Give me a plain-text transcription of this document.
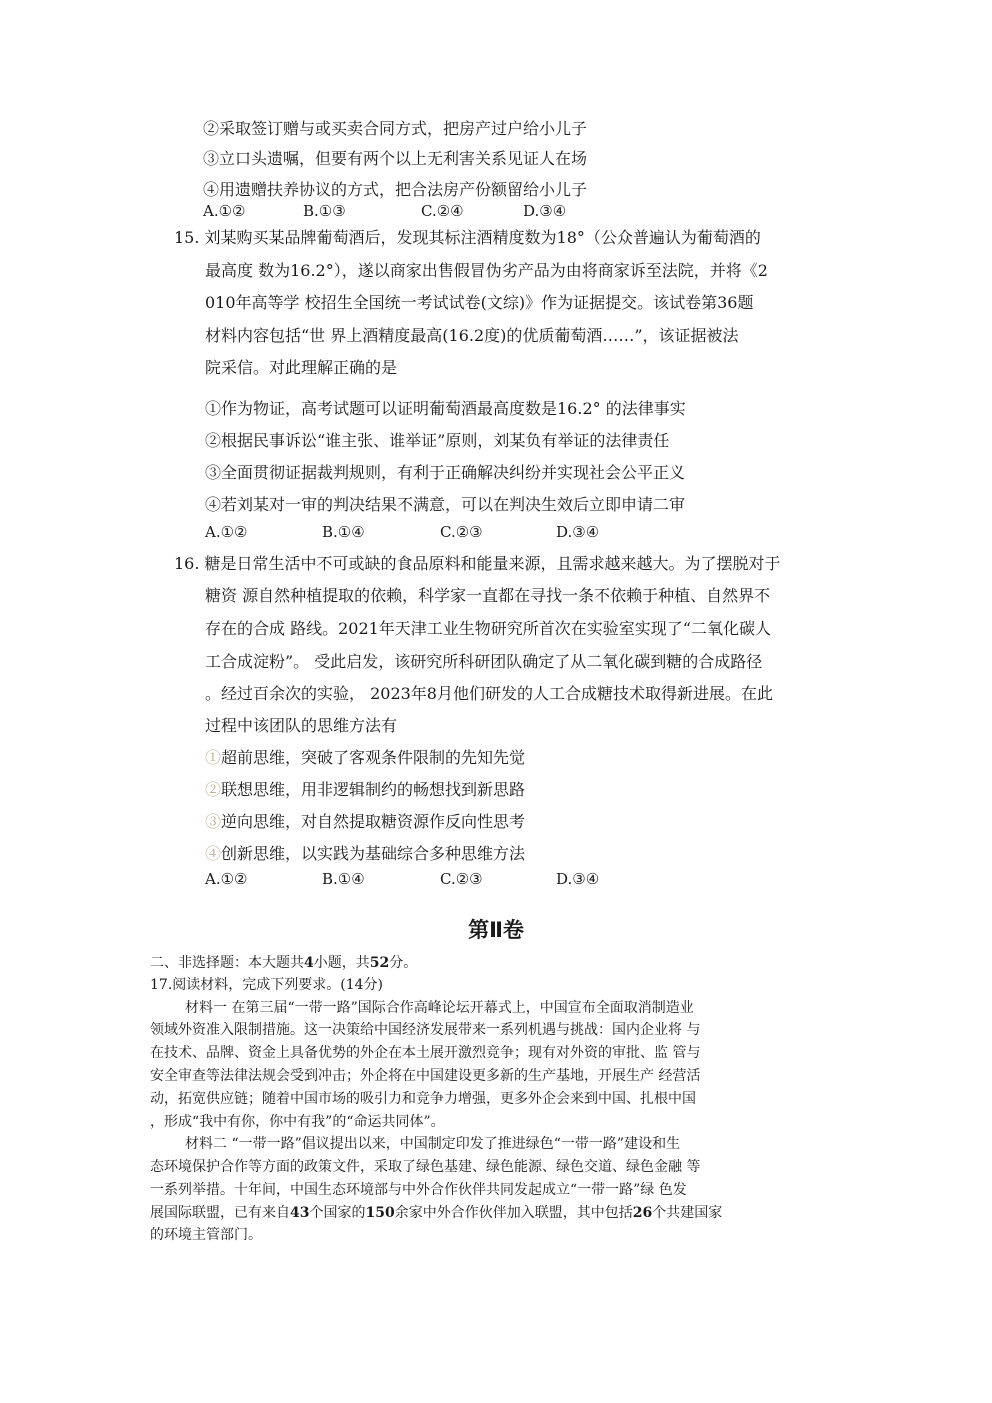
②采取签订赠与或买卖合同方式，把房产过户给小儿子
③立口头遗嘱，但要有两个以上无利害关系见证人在场
④用遗赠扶养协议的方式，把合法房产份额留给小儿子
A.①②	B.①③	C.②④	D.③④
15. 刘某购买某品牌葡萄酒后，发现其标注酒精度数为18°（公众普遍认为葡萄酒的
最高度 数为16.2°），遂以商家出售假冒伪劣产品为由将商家诉至法院，并将《2
010年高等学 校招生全国统一考试试卷(文综)》作为证据提交。该试卷第36题
材料内容包括“世 界上酒精度最高(16.2度)的优质葡萄酒……”，该证据被法
院采信。对此理解正确的是
①作为物证，高考试题可以证明葡萄酒最高度数是16.2° 的法律事实
②根据民事诉讼“谁主张、谁举证”原则，刘某负有举证的法律责任
③全面贯彻证据裁判规则，有利于正确解决纠纷并实现社会公平正义
④若刘某对一审的判决结果不满意，可以在判决生效后立即申请二审
A.①②	B.①④	C.②③	D.③④
16. 糖是日常生活中不可或缺的食品原料和能量来源，且需求越来越大。为了摆脱对于
糖资 源自然种植提取的依赖，科学家一直都在寻找一条不依赖于种植、自然界不
存在的合成 路线。2021年天津工业生物研究所首次在实验室实现了“二氧化碳人
工合成淀粉”。 受此启发，该研究所科研团队确定了从二氧化碳到糖的合成路径
。经过百余次的实验， 2023年8月他们研发的人工合成糖技术取得新进展。在此
过程中该团队的思维方法有
①超前思维，突破了客观条件限制的先知先觉
②联想思维，用非逻辑制约的畅想找到新思路
③逆向思维，对自然提取糖资源作反向性思考
④创新思维，以实践为基础综合多种思维方法
A.①②	B.①④	C.②③	D.③④
第Ⅱ卷
二、非选择题：本大题共4小题，共52分。
17.阅读材料，完成下列要求。(14分)
材料一 在第三届“一带一路”国际合作高峰论坛开幕式上，中国宣布全面取消制造业
领域外资准入限制措施。这一决策给中国经济发展带来一系列机遇与挑战：国内企业将 与
在技术、品牌、资金上具备优势的外企在本土展开激烈竞争；现有对外资的审批、监 管与
安全审查等法律法规会受到冲击；外企将在中国建设更多新的生产基地，开展生产 经营活
动，拓宽供应链；随着中国市场的吸引力和竞争力增强，更多外企会来到中国、扎根中国
，形成“我中有你，你中有我”的“命运共同体”。
材料二 “一带一路”倡议提出以来，中国制定印发了推进绿色“一带一路”建设和生
态环境保护合作等方面的政策文件，采取了绿色基建、绿色能源、绿色交道、绿色金融 等
一系列举措。十年间，中国生态环境部与中外合作伙伴共同发起成立“一带一路”绿 色发
展国际联盟，已有来自43个国家的150余家中外合作伙伴加入联盟，其中包括26个共建国家
的环境主管部门。
